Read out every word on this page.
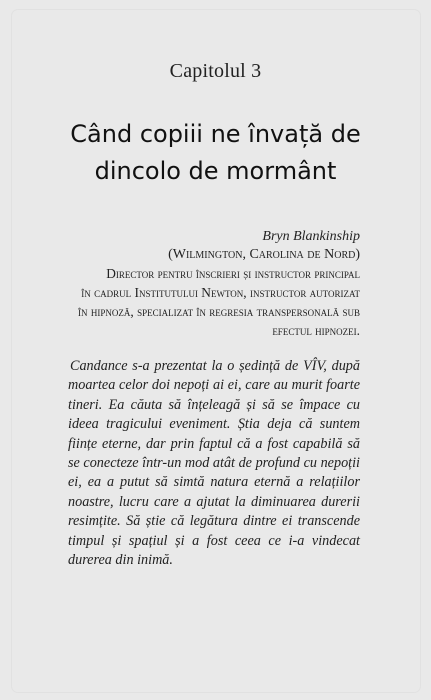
Capitolul 3
Când copiii ne învață de
dincolo de mormânt
Bryn Blankinship
(Wilmington, Carolina de Nord)
Director pentru înscrieri și instructor principal
în cadrul Institutului Newton, instructor autorizat
în hipnoză, specializat în regresia transpersonală sub
efectul hipnozei.
Candance s-a prezentat la o ședință de VÎV, după moartea celor doi nepoți ai ei, care au murit foarte tineri. Ea căuta să înțeleagă și să se împace cu ideea tragicului eveniment. Știa deja că suntem ființe eterne, dar prin faptul că a fost capabilă să se conecteze într-un mod atât de profund cu nepoții ei, ea a putut să simtă natura eternă a relațiilor noastre, lucru care a ajutat la diminuarea durerii resimțite. Să știe că legătura dintre ei transcende timpul și spațiul și a fost ceea ce i-a vindecat durerea din inimă.
